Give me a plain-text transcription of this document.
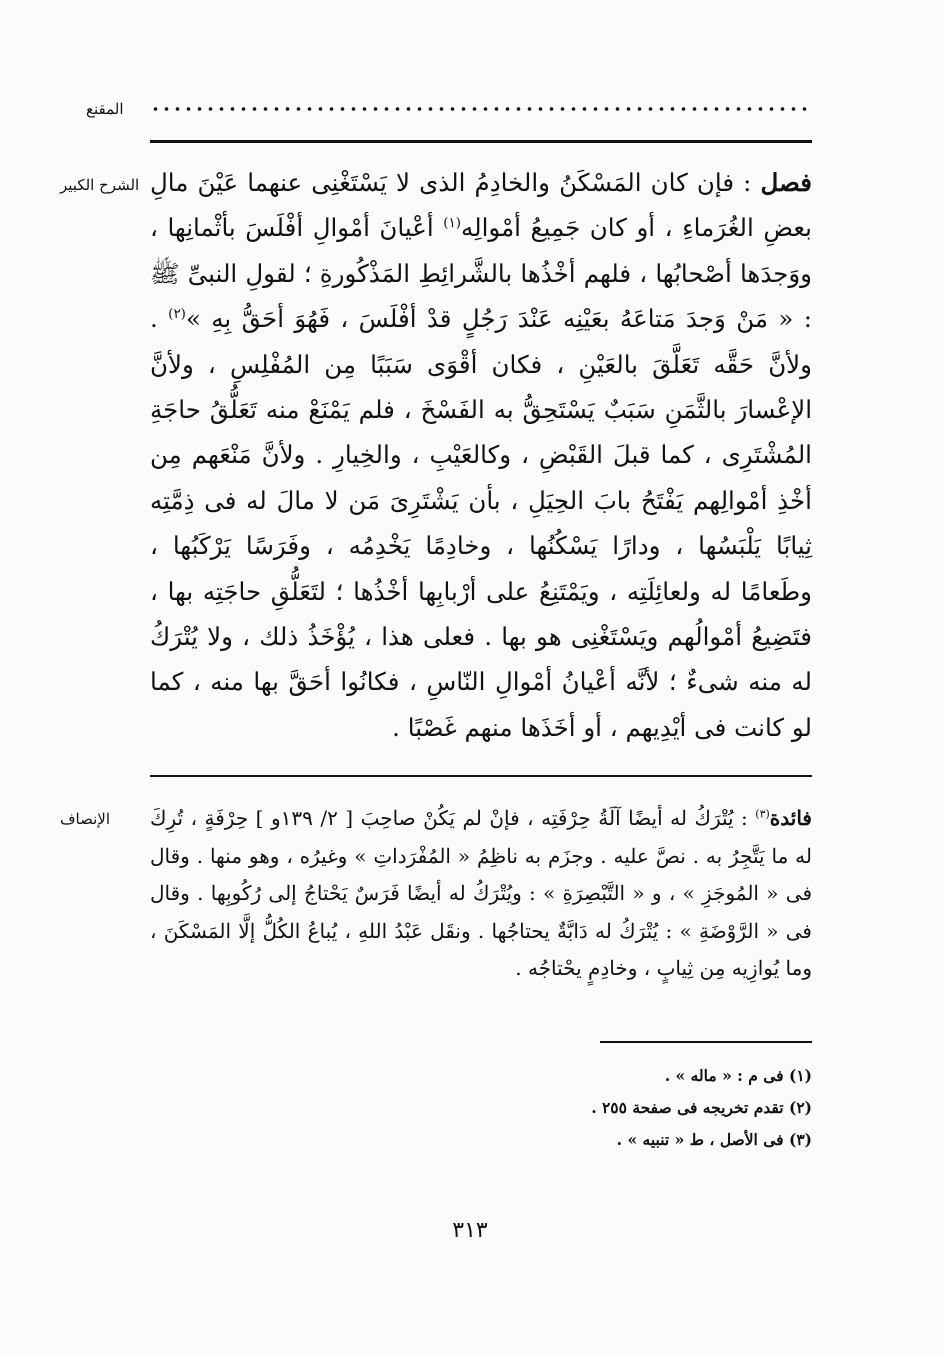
المقنع
الشرح الكبير	فصل : فإن كان المَسْكَنُ والخادِمُ الذى لا يَسْتَغْنِى عنهما عَيْنَ مالِ بعضِ الغُرَماءِ ، أو كان جَمِيعُ أمْوالِه$^{(١)}$ أعْيانَ أمْوالِ أفْلَسَ بأثْمانِها ، ووَجدَها أصْحابُها ، فلهم أخْذُها بالشَّرائِطِ المَذْكُورةِ ؛ لقولِ النبىِّ ﷺ : « مَنْ وَجدَ مَتاعَهُ بعَيْنِه عَنْدَ رَجُلٍ قدْ أفْلَسَ ، فَهُوَ أحَقُّ بِهِ »$^{(٢)}$ . ولأنَّ حَقَّه تَعَلَّقَ بالعَيْنِ ، فكان أقْوَى سَبَبًا مِن المُفْلِسِ ، ولأنَّ الإعْسارَ بالثَّمَنِ سَبَبٌ يَسْتَحِقُّ به الفَسْخَ ، فلم يَمْنَعْ منه تَعَلُّقُ حاجَةِ المُشْتَرِى ، كما قبلَ القَبْضِ ، وكالعَيْبِ ، والخِيارِ . ولأنَّ مَنْعَهم مِن أخْذِ أمْوالِهم يَفْتَحُ بابَ الحِيَلِ ، بأن يَشْتَرِىَ مَن لا مالَ له فى ذِمَّتِه ثِيابًا يَلْبَسُها ، ودارًا يَسْكُنُها ، وخادِمًا يَخْدِمُه ، وفَرَسًا يَرْكَبُها ، وطَعامًا له ولعائِلَتِه ، ويَمْتَنِعُ على أرْبابِها أخْذُها ؛ لتَعَلُّقِ حاجَتِه بها ، فتَضِيعُ أمْوالُهم ويَسْتَغْنِى هو بها . فعلى هذا ، يُؤْخَذُ ذلك ، ولا يُتْرَكُ له منه شىءٌ ؛ لأنَّه أعْيانُ أمْوالِ النّاسِ ، فكانُوا أحَقَّ بها منه ، كما لو كانت فى أيْدِيهم ، أو أخَذَها منهم غَصْبًا .

الإنصاف	فائدة$^{(٣)}$ : يُتْرَكُ له أيضًا آلَةُ حِرْفَتِه ، فإنْ لم يَكُنْ صاحِبَ [ ٢/ ١٣٩و ] حِرْفَةٍ ، تُرِكَ له ما يَتَّجِرُ به . نصَّ عليه . وجزَم به ناظِمُ « المُفْرَداتِ » وغيرُه ، وهو منها . وقال فى « المُوجَزِ » ، و « التَّبْصِرَةِ » : ويُتْرَكُ له أيضًا فَرَسٌ يَحْتاجُ إلى رُكُوبِها . وقال فى « الرَّوْضَةِ » : يُتْرَكُ له دَابَّةٌ يحتاجُها . ونقَل عَبْدُ اللهِ ، يُباعُ الكُلُّ إلَّا المَسْكَنَ ، وما يُوازِيه مِن ثِيابٍ ، وخادِمٍ يحْتاجُه .

(١) فى م : « ماله » .
(٢) تقدم تخريجه فى صفحة ٢٥٥ .
(٣) فى الأصل ، ط « تنبيه » .
٣١٣
